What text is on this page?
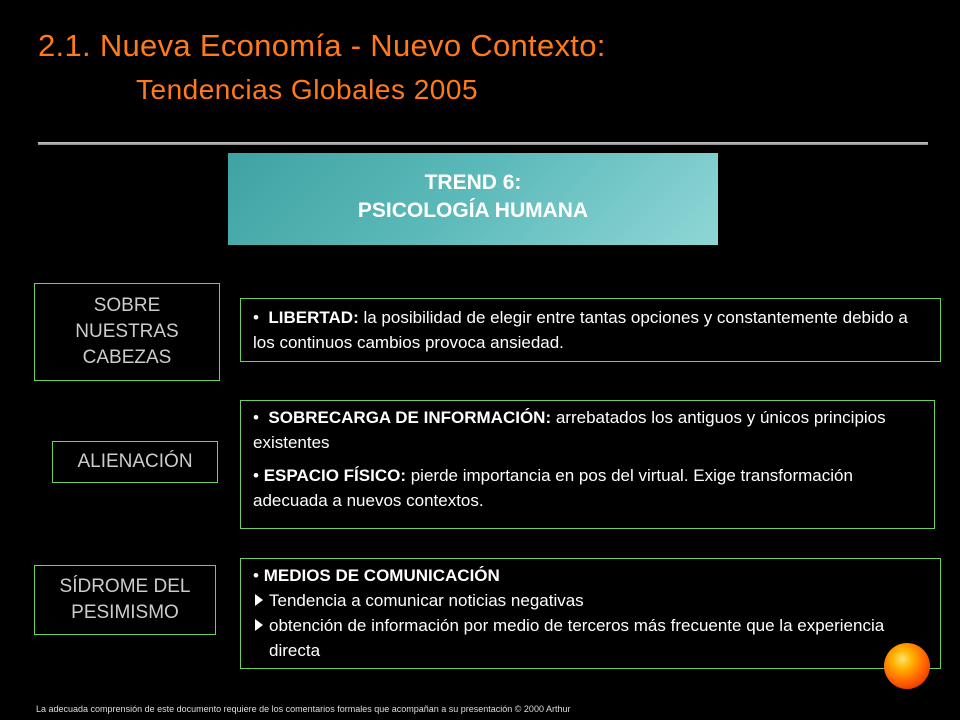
2.1. Nueva Economía - Nuevo Contexto:
Tendencias Globales 2005
TREND 6:
PSICOLOGÍA HUMANA
SOBRE
NUESTRAS
CABEZAS

• LIBERTAD: la posibilidad de elegir entre tantas opciones y constantemente debido a los continuos cambios provoca ansiedad.

ALIENACIÓN

• SOBRECARGA DE INFORMACIÓN: arrebatados los antiguos y únicos principios existentes

• ESPACIO FÍSICO: pierde importancia en pos del virtual. Exige transformación adecuada a nuevos contextos.

SÍDROME DEL
PESIMISMO
• MEDIOS DE COMUNICACIÓN
Tendencia a comunicar noticias negativas
obtención de información por medio de terceros más frecuente que la experiencia directa
La adecuada comprensión de este documento requiere de los comentarios formales que acompañan a su presentación © 2000 Arthur
